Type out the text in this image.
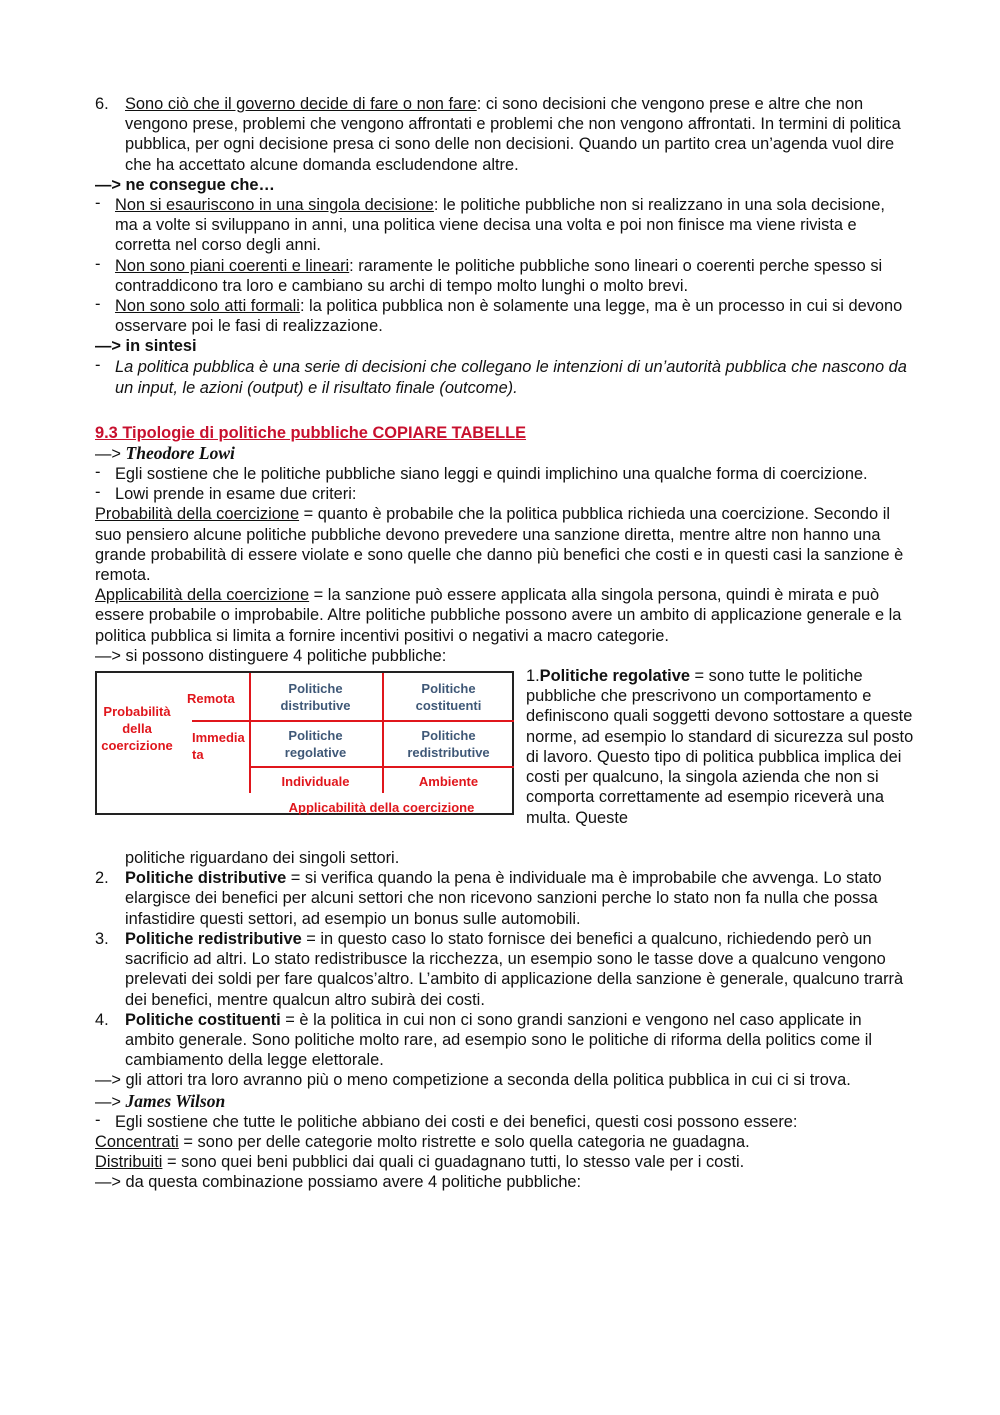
6. Sono ciò che il governo decide di fare o non fare: ci sono decisioni che vengono prese e altre che non vengono prese, problemi che vengono affrontati e problemi che non vengono affrontati. In termini di politica pubblica, per ogni decisione presa ci sono delle non decisioni. Quando un partito crea un’agenda vuol dire che ha accettato alcune domanda escludendone altre.
—> ne consegue che…
- Non si esauriscono in una singola decisione: le politiche pubbliche non si realizzano in una sola decisione, ma a volte si sviluppano in anni, una politica viene decisa una volta e poi non finisce ma viene rivista e corretta nel corso degli anni.
- Non sono piani coerenti e lineari: raramente le politiche pubbliche sono lineari o coerenti perche spesso si contraddicono tra loro e cambiano su archi di tempo molto lunghi o molto brevi.
- Non sono solo atti formali: la politica pubblica non è solamente una legge, ma è un processo in cui si devono osservare poi le fasi di realizzazione.
—> in sintesi
- La politica pubblica è una serie di decisioni che collegano le intenzioni di un’autorità pubblica che nascono da un input, le azioni (output) e il risultato finale (outcome).
9.3 Tipologie di politiche pubbliche COPIARE TABELLE
—> Theodore Lowi
- Egli sostiene che le politiche pubbliche siano leggi e quindi implichino una qualche forma di coercizione.
- Lowi prende in esame due criteri:
Probabilità della coercizione = quanto è probabile che la politica pubblica richieda una coercizione. Secondo il suo pensiero alcune politiche pubbliche devono prevedere una sanzione diretta, mentre altre non hanno una grande probabilità di essere violate e sono quelle che danno più benefici che costi e in questi casi la sanzione è remota.
Applicabilità della coercizione = la sanzione può essere applicata alla singola persona, quindi è mirata e può essere probabile o improbabile. Altre politiche pubbliche possono avere un ambito di applicazione generale e la politica pubblica si limita a fornire incentivi positivi o negativi a macro categorie.
—> si possono distinguere 4 politiche pubbliche:
Probabilità
della
coercizione
Remota
Immedia
ta
Politiche
distributive
Politiche
costituenti
Politiche
regolative
Politiche
redistributive
Individuale	Ambiente
Applicabilità della coercizione
1.Politiche regolative = sono tutte le politiche pubbliche che prescrivono un comportamento e definiscono quali soggetti devono sottostare a queste norme, ad esempio lo standard di sicurezza sul posto di lavoro. Questo tipo di politica pubblica implica dei costi per qualcuno, la singola azienda che non si comporta correttamente ad esempio riceverà una multa. Queste
politiche riguardano dei singoli settori.
2. Politiche distributive = si verifica quando la pena è individuale ma è improbabile che avvenga. Lo stato elargisce dei benefici per alcuni settori che non ricevono sanzioni perche lo stato non fa nulla che possa infastidire questi settori, ad esempio un bonus sulle automobili.
3. Politiche redistributive = in questo caso lo stato fornisce dei benefici a qualcuno, richiedendo però un sacrificio ad altri. Lo stato redistribusce la ricchezza, un esempio sono le tasse dove a qualcuno vengono prelevati dei soldi per fare qualcos’altro. L’ambito di applicazione della sanzione è generale, qualcuno trarrà dei benefici, mentre qualcun altro subirà dei costi.
4. Politiche costituenti = è la politica in cui non ci sono grandi sanzioni e vengono nel caso applicate in ambito generale. Sono politiche molto rare, ad esempio sono le politiche di riforma della politics come il cambiamento della legge elettorale.
—> gli attori tra loro avranno più o meno competizione a seconda della politica pubblica in cui ci si trova.
—> James Wilson
- Egli sostiene che tutte le politiche abbiano dei costi e dei benefici, questi cosi possono essere:
Concentrati = sono per delle categorie molto ristrette e solo quella categoria ne guadagna.
Distribuiti = sono quei beni pubblici dai quali ci guadagnano tutti, lo stesso vale per i costi.
—> da questa combinazione possiamo avere 4 politiche pubbliche:
